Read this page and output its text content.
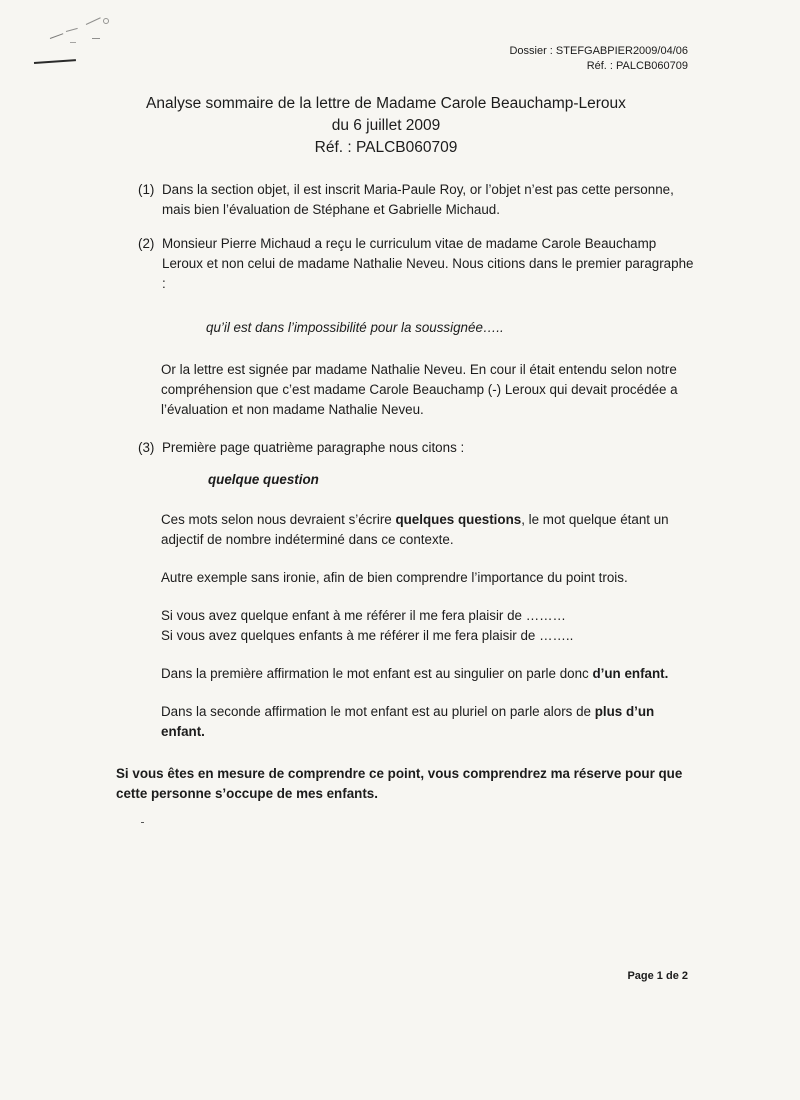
Dossier : STEFGABPIER2009/04/06
Réf. : PALCB060709
Analyse sommaire de la lettre de Madame Carole Beauchamp-Leroux
du 6 juillet 2009
Réf. : PALCB060709
(1) Dans la section objet, il est inscrit Maria-Paule Roy, or l’objet n’est pas cette personne, mais bien l’évaluation de Stéphane et Gabrielle Michaud.
(2) Monsieur Pierre Michaud a reçu le curriculum vitae de madame Carole Beauchamp Leroux et non celui de madame Nathalie Neveu. Nous citions dans le premier paragraphe :
qu’il est dans l’impossibilité pour la soussignée…..
Or la lettre est signée par madame Nathalie Neveu. En cour il était entendu selon notre compréhension que c’est madame Carole Beauchamp (-) Leroux qui devait procédée a l’évaluation et non madame Nathalie Neveu.
(3) Première page quatrième paragraphe nous citons :
quelque question
Ces mots selon nous devraient s’écrire quelques questions, le mot quelque étant un adjectif de nombre indéterminé dans ce contexte.
Autre exemple sans ironie, afin de bien comprendre l’importance du point trois.
Si vous avez quelque enfant à me référer il me fera plaisir de ………
Si vous avez quelques enfants à me référer il me fera plaisir de ……..
Dans la première affirmation le mot enfant est au singulier on parle donc d’un enfant.
Dans la seconde affirmation le mot enfant est au pluriel on parle alors de plus d’un enfant.
Si vous êtes en mesure de comprendre ce point, vous comprendrez ma réserve pour que cette personne s’occupe de mes enfants.
Page 1 de 2
